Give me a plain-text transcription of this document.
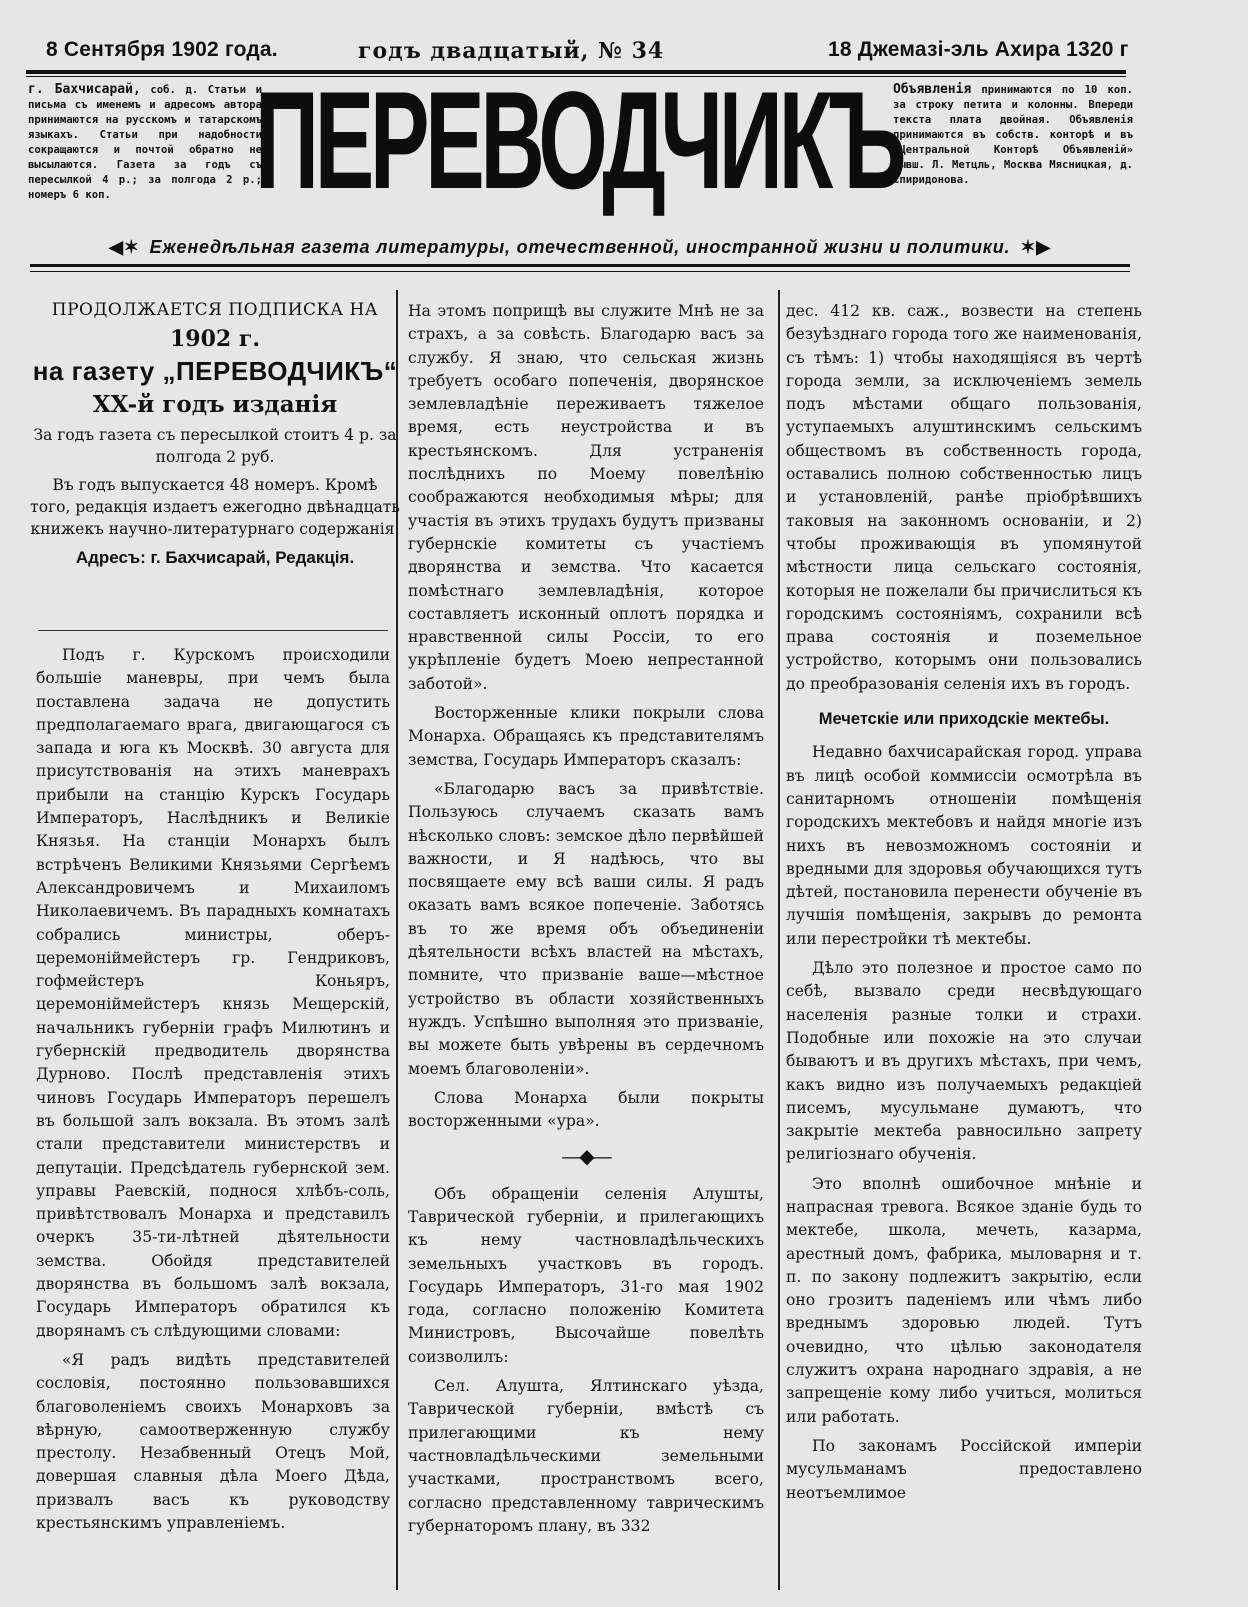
8 Сентября 1902 года.	годъ двадцатый, № 34	18 Джемазі-эль Ахира 1320 г
г. Бахчисарай, соб. д. Статьи и письма съ именемъ и адресомъ автора принимаются на русскомъ и татарскомъ языкахъ. Статьи при надобности сокращаются и почтой обратно не высылаются. Газета за годъ съ пересылкой 4 р.; за полгода 2 р.; номеръ 6 коп.	ПЕРЕВОДЧИКЪ
Объявленія принимаются по 10 коп. за строку петита и колонны. Впереди текста плата двойная. Объявленія принимаются въ собств. конторѣ и въ «Центральной Конторѣ Объявленій» бывш. Л. Метцль, Москва Мясницкая, д. Спиридонова.
◀✶ Еженедѣльная газета литературы, отечественной, иностранной жизни и политики. ✶▶
ПРОДОЛЖАЕТСЯ ПОДПИСКА НА
1902 г.
на газету „ПЕРЕВОДЧИКЪ“
XX-й годъ изданія
За годъ газета съ пересылкой стоитъ 4 р. за полгода 2 руб.
Въ годъ выпускается 48 номеръ. Кромѣ того, редакція издаетъ ежегодно двѣнадцать книжекъ научно-литературнаго содержанія.
Адресъ: г. Бахчисарай, Редакція.

Подъ г. Курскомъ происходили большіе маневры, при чемъ была поставлена задача не допустить предполагаемаго врага, двигающагося съ запада и юга къ Москвѣ. 30 августа для присутствованія на этихъ маневрахъ прибыли на станцію Курскъ Государь Императоръ, Наслѣдникъ и Великіе Князья. На станціи Монархъ былъ встрѣченъ Великими Князьями Сергѣемъ Александровичемъ и Михаиломъ Николаевичемъ. Въ парадныхъ комнатахъ собрались министры, оберъ-церемоніймейстеръ гр. Гендриковъ, гофмейстеръ Коньяръ, церемоніймейстеръ князь Мещерскій, начальникъ губерніи графъ Милютинъ и губернскій предводитель дворянства Дурново. Послѣ представленія этихъ чиновъ Государь Императоръ перешелъ въ большой залъ вокзала. Въ этомъ залѣ стали представители министерствъ и депутаціи. Предсѣдатель губернской зем. управы Раевскій, поднося хлѣбъ-соль, привѣтствовалъ Монарха и представилъ очеркъ 35-ти-лѣтней дѣятельности земства. Обойдя представителей дворянства въ большомъ залѣ вокзала, Государь Императоръ обратился къ дворянамъ съ слѣдующими словами:

«Я радъ видѣть представителей сословія, постоянно пользовавшихся благоволеніемъ своихъ Монарховъ за вѣрную, самоотверженную службу престолу. Незабвенный Отецъ Мой, довершая славныя дѣла Моего Дѣда, призвалъ васъ къ руководству крестьянскимъ управленіемъ.

На этомъ поприщѣ вы служите Мнѣ не за страхъ, а за совѣсть. Благодарю васъ за службу. Я знаю, что сельская жизнь требуетъ особаго попеченія, дворянское землевладѣніе переживаетъ тяжелое время, есть неустройства и въ крестьянскомъ. Для устраненія послѣднихъ по Моему повелѣнію соображаются необходимыя мѣры; для участія въ этихъ трудахъ будутъ призваны губернскіе комитеты съ участіемъ дворянства и земства. Что касается помѣстнаго землевладѣнія, которое составляетъ исконный оплотъ порядка и нравственной силы Россіи, то его укрѣпленіе будетъ Моею непрестанной заботой».

Восторженные клики покрыли слова Монарха. Обращаясь къ представителямъ земства, Государь Императоръ сказалъ:

«Благодарю васъ за привѣтствіе. Пользуюсь случаемъ сказать вамъ нѣсколько словъ: земское дѣло первѣйшей важности, и Я надѣюсь, что вы посвящаете ему всѣ ваши силы. Я радъ оказать вамъ всякое попеченіе. Заботясь въ то же время объ объединеніи дѣятельности всѣхъ властей на мѣстахъ, помните, что призваніе ваше—мѣстное устройство въ области хозяйственныхъ нуждъ. Успѣшно выполняя это призваніе, вы можете быть увѣрены въ сердечномъ моемъ благоволеніи».

Слова Монарха были покрыты восторженными «ура».

—◆—

Объ обращеніи селенія Алушты, Таврической губерніи, и прилегающихъ къ нему частновладѣльческихъ земельныхъ участковъ въ городъ. Государь Императоръ, 31-го мая 1902 года, согласно положенію Комитета Министровъ, Высочайше повелѣть соизволилъ:

Сел. Алушта, Ялтинскаго уѣзда, Таврической губерніи, вмѣстѣ съ прилегающими къ нему частновладѣльческими земельными участками, пространствомъ всего, согласно представленному таврическимъ губернаторомъ плану, въ 332

дес. 412 кв. саж., возвести на степень безуѣзднаго города того же наименованія, съ тѣмъ: 1) чтобы находящіяся въ чертѣ города земли, за исключеніемъ земель подъ мѣстами общаго пользованія, уступаемыхъ алуштинскимъ сельскимъ обществомъ въ собственность города, оставались полною собственностью лицъ и установленій, ранѣе пріобрѣвшихъ таковыя на законномъ основаніи, и 2) чтобы проживающія въ упомянутой мѣстности лица сельскаго состоянія, которыя не пожелали бы причислиться къ городскимъ состояніямъ, сохранили всѣ права состоянія и поземельное устройство, которымъ они пользовались до преобразованія селенія ихъ въ городъ.

Мечетскіе или приходскіе мектебы.

Недавно бахчисарайская город. управа въ лицѣ особой коммиссіи осмотрѣла въ санитарномъ отношеніи помѣщенія городскихъ мектебовъ и найдя многіе изъ нихъ въ невозможномъ состояніи и вредными для здоровья обучающихся тутъ дѣтей, постановила перенести обученіе въ лучшія помѣщенія, закрывъ до ремонта или перестройки тѣ мектебы.

Дѣло это полезное и простое само по себѣ, вызвало среди несвѣдующаго населенія разные толки и страхи. Подобные или похожіе на это случаи бываютъ и въ другихъ мѣстахъ, при чемъ, какъ видно изъ получаемыхъ редакціей писемъ, мусульмане думаютъ, что закрытіе мектеба равносильно запрету религіознаго обученія.

Это вполнѣ ошибочное мнѣніе и напрасная тревога. Всякое зданіе будь то мектебе, школа, мечеть, казарма, арестный домъ, фабрика, мыловарня и т. п. по закону подлежитъ закрытію, если оно грозитъ паденіемъ или чѣмъ либо вреднымъ здоровью людей. Тутъ очевидно, что цѣлью законодателя служитъ охрана народнаго здравія, а не запрещеніе кому либо учиться, молиться или работать.

По законамъ Россійской имперіи мусульманамъ предоставлено неотъемлимое
